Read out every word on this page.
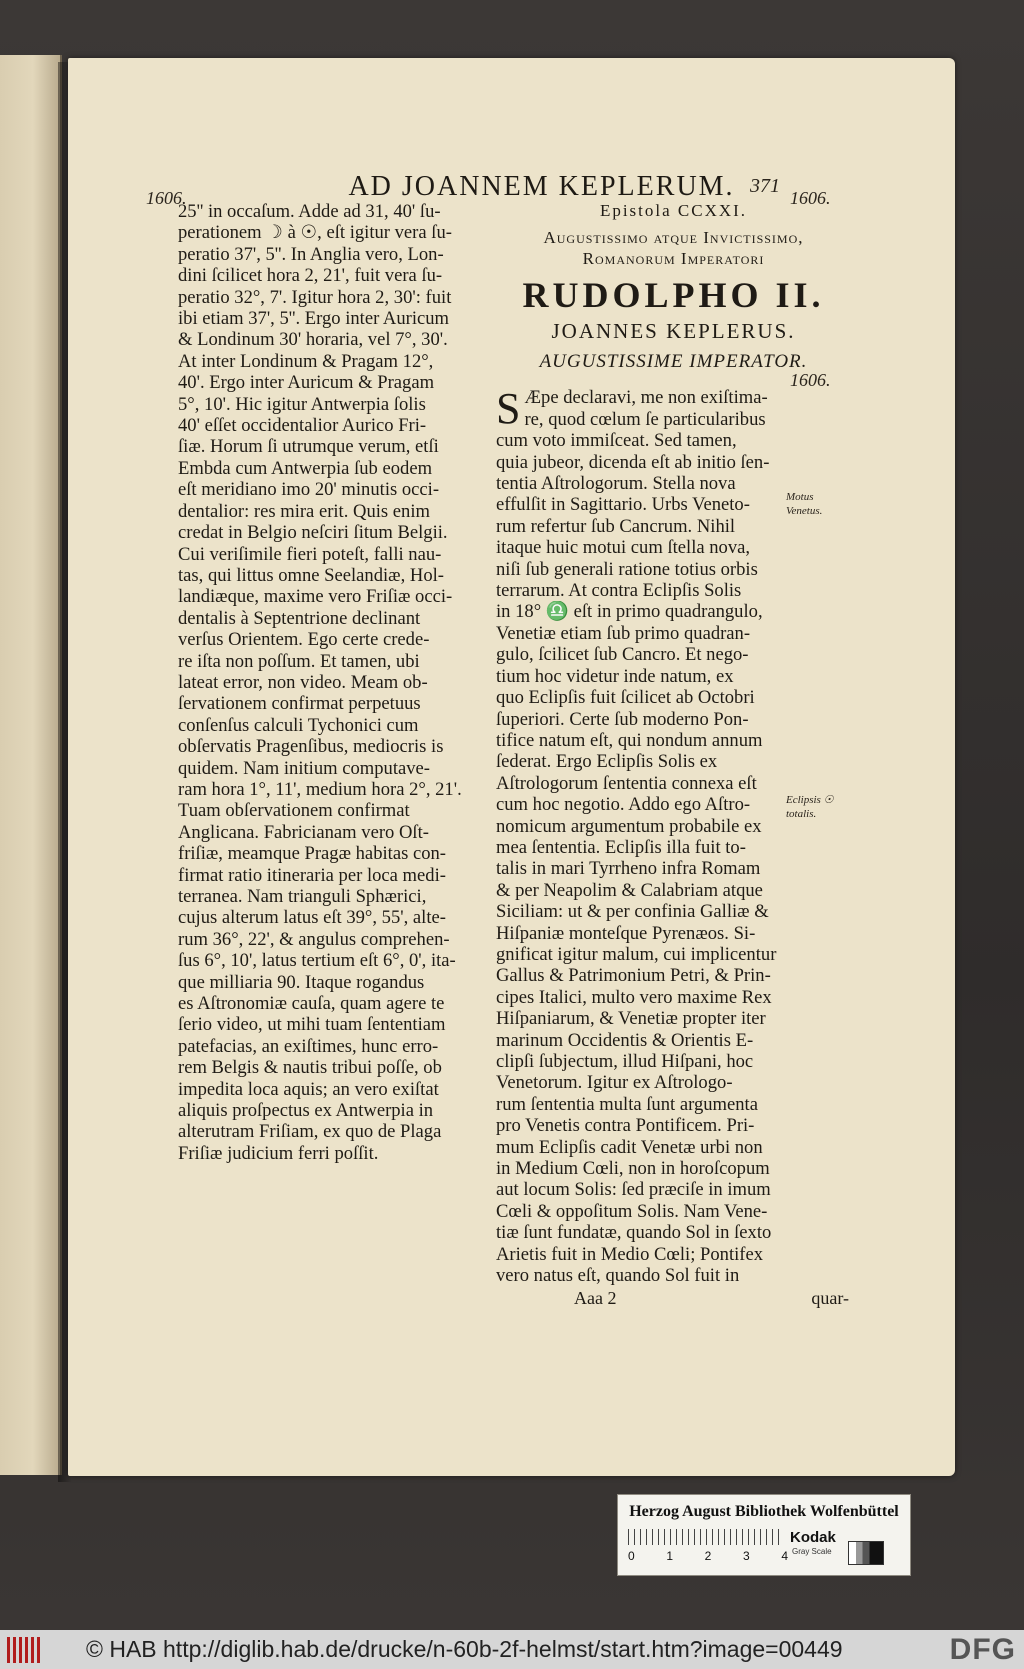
AD JOANNEM KEPLERUM. 371
1606.
25'' in occaſum. Adde ad 31, 40' ſu-
perationem ☽ à ☉, eſt igitur vera ſu-
peratio 37', 5''. In Anglia vero, Lon-
dini ſcilicet hora 2, 21', fuit vera ſu-
peratio 32°, 7'. Igitur hora 2, 30': fuit
ibi etiam 37', 5''. Ergo inter Auricum
& Londinum 30' horaria, vel 7°, 30'.
At inter Londinum & Pragam 12°,
40'. Ergo inter Auricum & Pragam
5°, 10'. Hic igitur Antwerpia ſolis
40' eſſet occidentalior Aurico Fri-
ſiæ. Horum ſi utrumque verum, etſi
Embda cum Antwerpia ſub eodem
eſt meridiano imo 20' minutis occi-
dentalior: res mira erit. Quis enim
credat in Belgio neſciri ſitum Belgii.
Cui veriſimile fieri poteſt, falli nau-
tas, qui littus omne Seelandiæ, Hol-
landiæque, maxime vero Friſiæ occi-
dentalis à Septentrione declinant
verſus Orientem. Ego certe crede-
re iſta non poſſum. Et tamen, ubi
lateat error, non video. Meam ob-
ſervationem confirmat perpetuus
conſenſus calculi Tychonici cum
obſervatis Pragenſibus, mediocris is
quidem. Nam initium computave-
ram hora 1°, 11', medium hora 2°, 21'.
Tuam obſervationem confirmat
Anglicana. Fabricianam vero Oſt-
friſiæ, meamque Pragæ habitas con-
firmat ratio itineraria per loca medi-
terranea. Nam trianguli Sphærici,
cujus alterum latus eſt 39°, 55', alte-
rum 36°, 22', & angulus comprehen-
ſus 6°, 10', latus tertium eſt 6°, 0', ita-
que milliaria 90. Itaque rogandus
es Aſtronomiæ cauſa, quam agere te
ſerio video, ut mihi tuam ſententiam
patefacias, an exiſtimes, hunc erro-
rem Belgis & nautis tribui poſſe, ob
impedita loca aquis; an vero exiſtat
aliquis proſpectus ex Antwerpia in
alterutram Friſiam, ex quo de Plaga
Friſiæ judicium ferri poſſit.
1606.
Epistola CCXXI.
Augustissimo atque Invictissimo,
Romanorum Imperatori
RUDOLPHO II.
JOANNES KEPLERUS.
AUGUSTISSIME IMPERATOR.
S Æpe declaravi, me non exiſtima-
re, quod cœlum ſe particularibus
cum voto immiſceat. Sed tamen,
quia jubeor, dicenda eſt ab initio ſen-
tentia Aſtrologorum. Stella nova
effulſit in Sagittario. Urbs Veneto-
rum refertur ſub Cancrum. Nihil
itaque huic motui cum ſtella nova,
niſi ſub generali ratione totius orbis
terrarum. At contra Eclipſis Solis
in 18° ♎ eſt in primo quadrangulo,
Venetiæ etiam ſub primo quadran-
gulo, ſcilicet ſub Cancro. Et nego-
tium hoc videtur inde natum, ex
quo Eclipſis fuit ſcilicet ab Octobri
ſuperiori. Certe ſub moderno Pon-
tifice natum eſt, qui nondum annum
ſederat. Ergo Eclipſis Solis ex
Aſtrologorum ſententia connexa eſt
cum hoc negotio. Addo ego Aſtro-
nomicum argumentum probabile ex
mea ſententia. Eclipſis illa fuit to-
talis in mari Tyrrheno infra Romam
& per Neapolim & Calabriam atque
Siciliam: ut & per confinia Galliæ &
Hiſpaniæ monteſque Pyrenæos. Si-
gnificat igitur malum, cui implicentur
Gallus & Patrimonium Petri, & Prin-
cipes Italici, multo vero maxime Rex
Hiſpaniarum, & Venetiæ propter iter
marinum Occidentis & Orientis E-
clipſi ſubjectum, illud Hiſpani, hoc
Venetorum. Igitur ex Aſtrologo-
rum ſententia multa ſunt argumenta
pro Venetis contra Pontificem. Pri-
mum Eclipſis cadit Venetæ urbi non
in Medium Cœli, non in horoſcopum
aut locum Solis: ſed præciſe in imum
Cœli & oppoſitum Solis. Nam Vene-
tiæ ſunt fundatæ, quando Sol in ſexto
Arietis fuit in Medio Cœli; Pontifex
vero natus eſt, quando Sol fuit in
Aaa 2	quar-
1606.
Motus Venetus.
Eclipsis ☉ totalis.
Herzog August Bibliothek Wolfenbüttel
0	1	2	3	4
Kodak
Gray Scale
© HAB http://diglib.hab.de/drucke/n-60b-2f-helmst/start.htm?image=00449	DFG
